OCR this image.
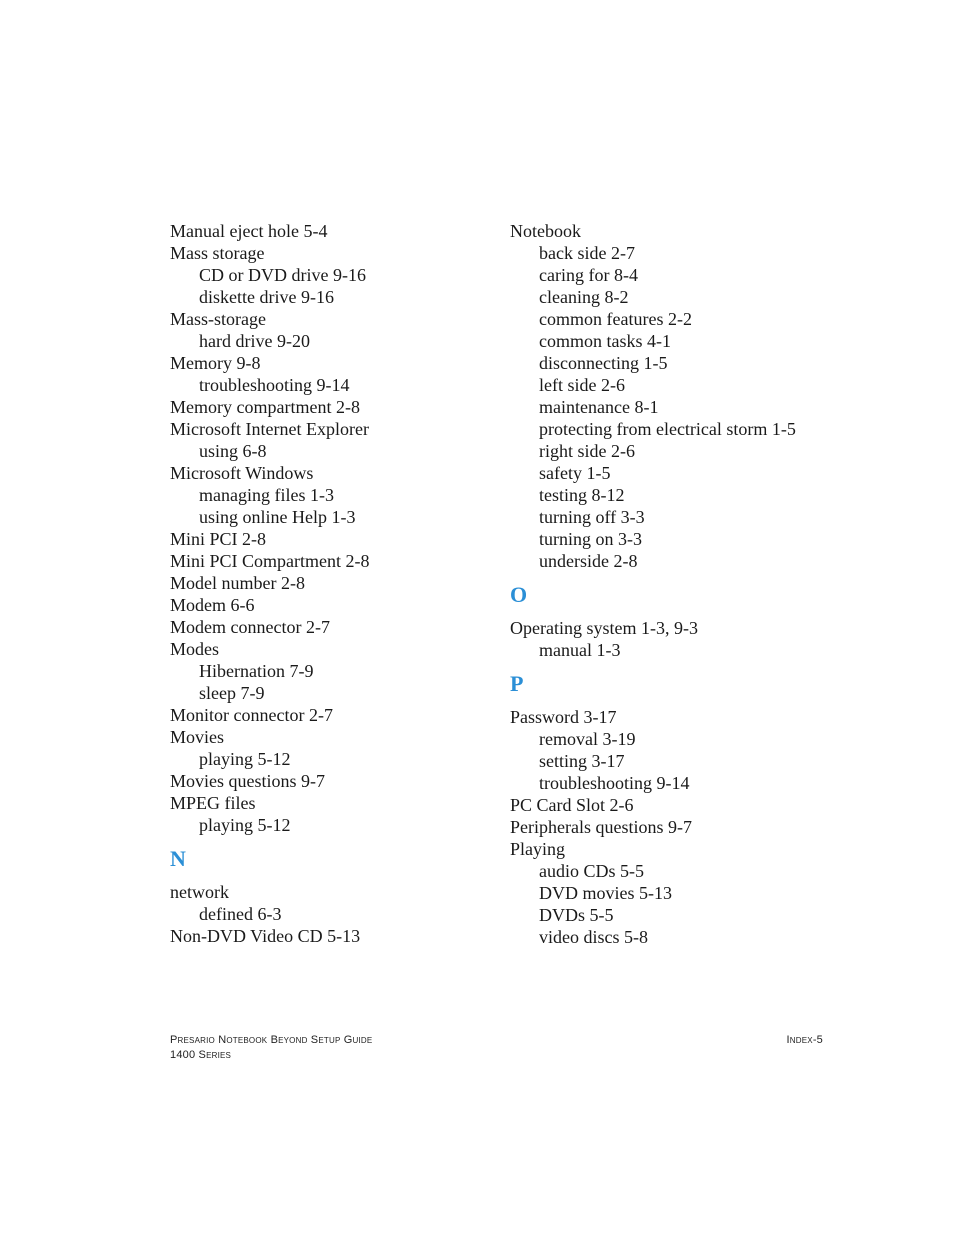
Manual eject hole 5-4
Mass storage
CD or DVD drive 9-16
diskette drive 9-16
Mass-storage
hard drive 9-20
Memory 9-8
troubleshooting 9-14
Memory compartment 2-8
Microsoft Internet Explorer
using 6-8
Microsoft Windows
managing files 1-3
using online Help 1-3
Mini PCI 2-8
Mini PCI Compartment 2-8
Model number 2-8
Modem 6-6
Modem connector 2-7
Modes
Hibernation 7-9
sleep 7-9
Monitor connector 2-7
Movies
playing 5-12
Movies questions 9-7
MPEG files
playing 5-12
N
network
defined 6-3
Non-DVD Video CD 5-13
Notebook
back side 2-7
caring for 8-4
cleaning 8-2
common features 2-2
common tasks 4-1
disconnecting 1-5
left side 2-6
maintenance 8-1
protecting from electrical storm 1-5
right side 2-6
safety 1-5
testing 8-12
turning off 3-3
turning on 3-3
underside 2-8
O
Operating system 1-3, 9-3
manual 1-3
P
Password 3-17
removal 3-19
setting 3-17
troubleshooting 9-14
PC Card Slot 2-6
Peripherals questions 9-7
Playing
audio CDs 5-5
DVD movies 5-13
DVDs 5-5
video discs 5-8
Presario Notebook Beyond Setup Guide
1400 Series
Index-5
